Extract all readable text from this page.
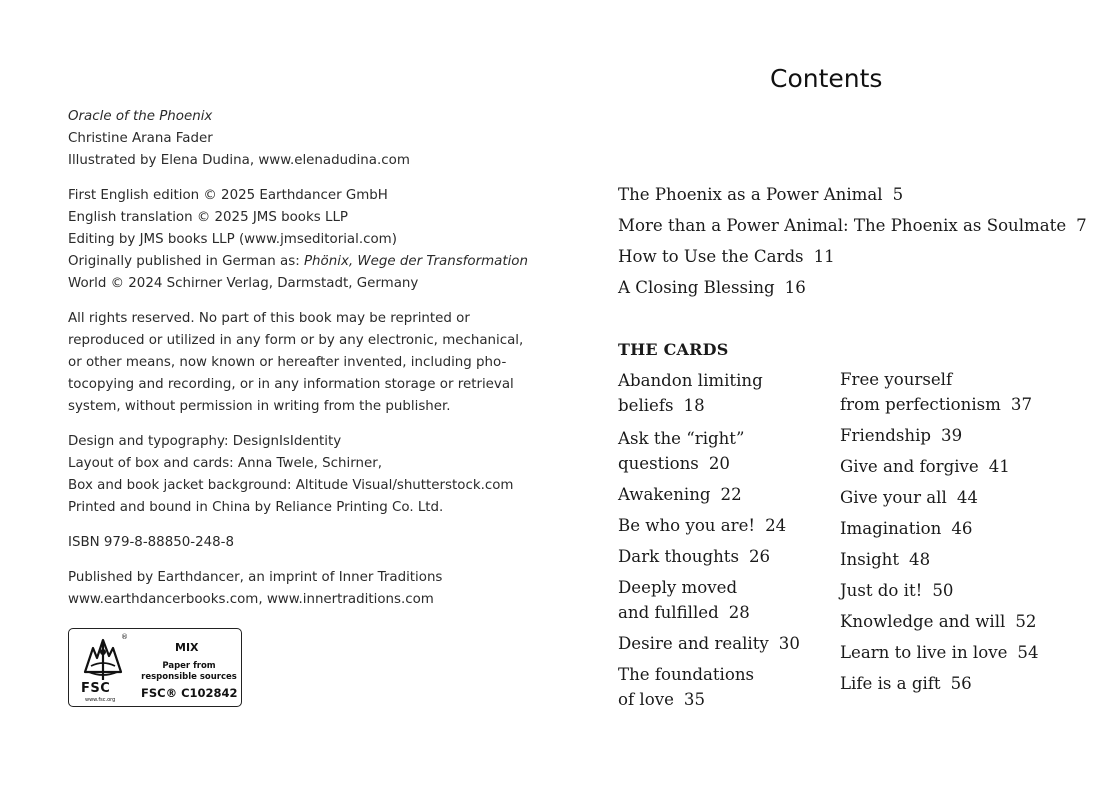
Oracle of the Phoenix
Christine Arana Fader
Illustrated by Elena Dudina, www.elenadudina.com
First English edition © 2025 Earthdancer GmbH
English translation © 2025 JMS books LLP
Editing by JMS books LLP (www.jmseditorial.com)
Originally published in German as: Phönix, Wege der Transformation
World © 2024 Schirner Verlag, Darmstadt, Germany
All rights reserved. No part of this book may be reprinted or
reproduced or utilized in any form or by any electronic, mechanical,
or other means, now known or hereafter invented, including pho-
tocopying and recording, or in any information storage or retrieval
system, without permission in writing from the publisher.
Design and typography: DesignIsIdentity
Layout of box and cards: Anna Twele, Schirner,
Box and book jacket background: Altitude Visual/shutterstock.com
Printed and bound in China by Reliance Printing Co. Ltd.
ISBN 979-8-88850-248-8
Published by Earthdancer, an imprint of Inner Traditions
www.earthdancerbooks.com, www.innertraditions.com
®
FSC
www.fsc.org
MIX
Paper from
responsible sources
FSC® C102842
Contents
The Phoenix as a Power Animal 5
More than a Power Animal: The Phoenix as Soulmate 7
How to Use the Cards 11
A Closing Blessing 16
THE CARDS
Abandon limiting
beliefs 18
Ask the “right”
questions 20
Awakening 22
Be who you are! 24
Dark thoughts 26
Deeply moved
and fulfilled 28
Desire and reality 30
The foundations
of love 35
Free yourself
from perfectionism 37
Friendship 39
Give and forgive 41
Give your all 44
Imagination 46
Insight 48
Just do it! 50
Knowledge and will 52
Learn to live in love 54
Life is a gift 56
